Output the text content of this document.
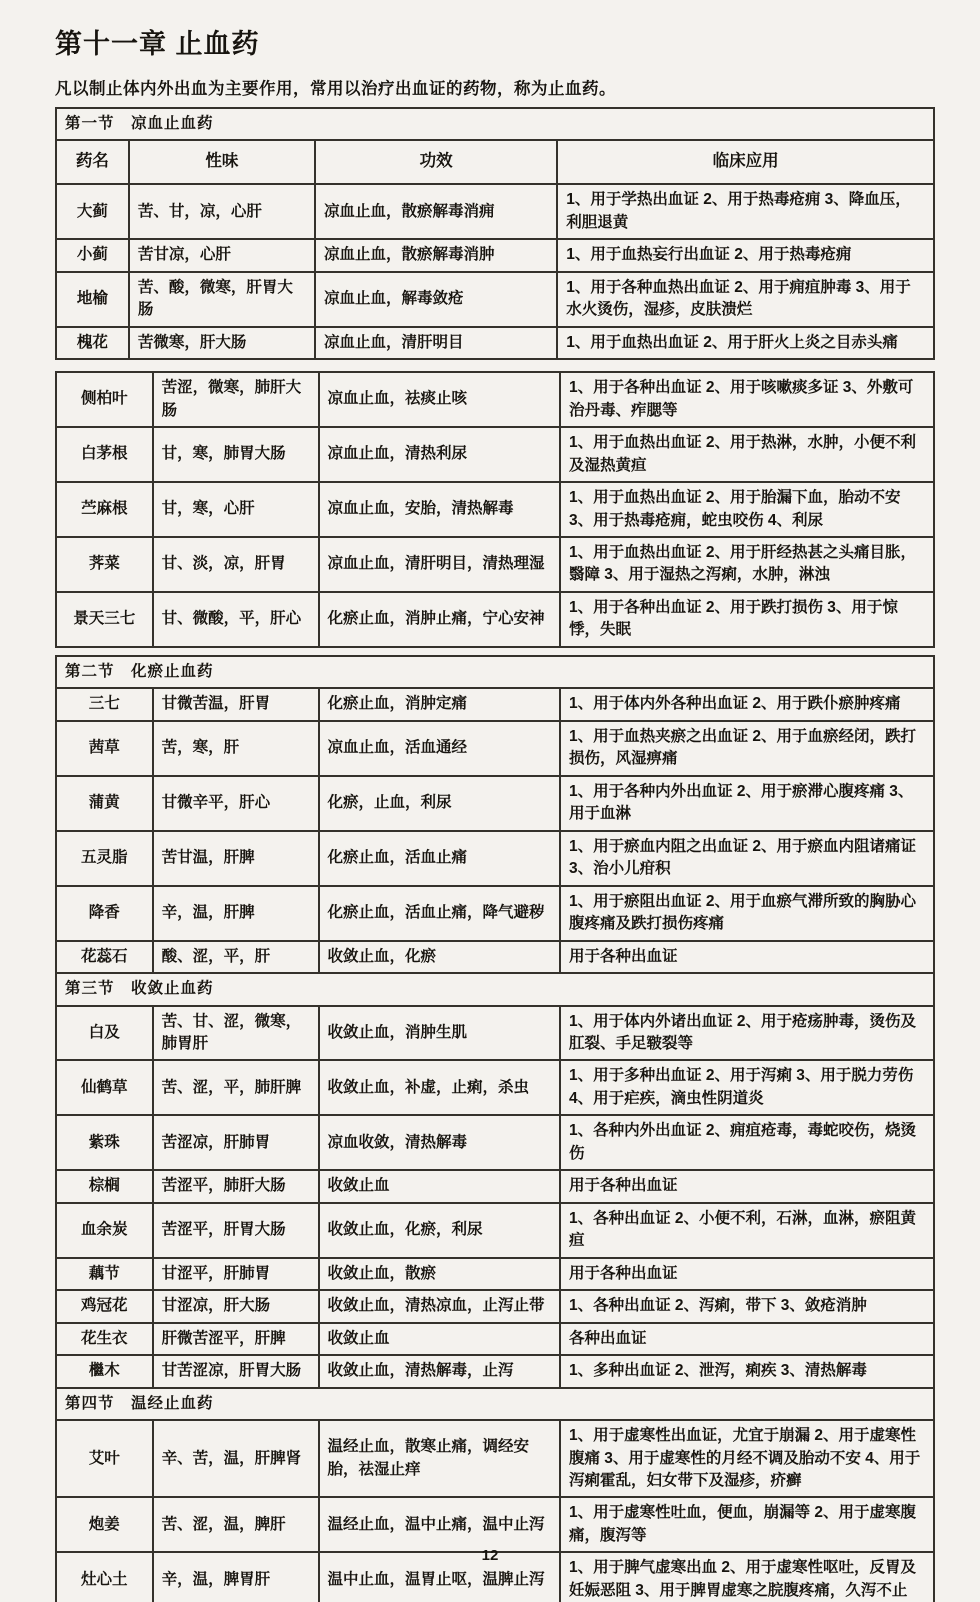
第十一章 止血药

凡以制止体内外出血为主要作用，常用以治疗出血证的药物，称为止血药。

第一节　凉血止血药			
药名	性味	功效	临床应用
大蓟	苦、甘，凉，心肝	凉血止血，散瘀解毒消痈	1、用于学热出血证 2、用于热毒疮痈 3、降血压，利胆退黄
小蓟	苦甘凉，心肝	凉血止血，散瘀解毒消肿	1、用于血热妄行出血证 2、用于热毒疮痈
地榆	苦、酸，微寒，肝胃大肠	凉血止血，解毒敛疮	1、用于各种血热出血证 2、用于痈疽肿毒 3、用于水火烫伤，湿疹，皮肤溃烂
槐花	苦微寒，肝大肠	凉血止血，清肝明目	1、用于血热出血证 2、用于肝火上炎之目赤头痛
侧柏叶	苦涩，微寒，肺肝大肠	凉血止血，祛痰止咳	1、用于各种出血证 2、用于咳嗽痰多证 3、外敷可治丹毒、痄腮等
白茅根	甘，寒，肺胃大肠	凉血止血，清热利尿	1、用于血热出血证 2、用于热淋，水肿，小便不利及湿热黄疸
苎麻根	甘，寒，心肝	凉血止血，安胎，清热解毒	1、用于血热出血证 2、用于胎漏下血，胎动不安 3、用于热毒疮痈，蛇虫咬伤 4、利尿
荠菜	甘、淡，凉，肝胃	凉血止血，清肝明目，清热理湿	1、用于血热出血证 2、用于肝经热甚之头痛目胀，翳障 3、用于湿热之泻痢，水肿，淋浊
景天三七	甘、微酸，平，肝心	化瘀止血，消肿止痛，宁心安神	1、用于各种出血证 2、用于跌打损伤 3、用于惊悸，失眠
第二节　化瘀止血药			
三七	甘微苦温，肝胃	化瘀止血，消肿定痛	1、用于体内外各种出血证 2、用于跌仆瘀肿疼痛
茜草	苦，寒，肝	凉血止血，活血通经	1、用于血热夹瘀之出血证 2、用于血瘀经闭，跌打损伤，风湿痹痛
蒲黄	甘微辛平，肝心	化瘀，止血，利尿	1、用于各种内外出血证 2、用于瘀滞心腹疼痛 3、用于血淋
五灵脂	苦甘温，肝脾	化瘀止血，活血止痛	1、用于瘀血内阻之出血证 2、用于瘀血内阻诸痛证 3、治小儿疳积
降香	辛，温，肝脾	化瘀止血，活血止痛，降气避秽	1、用于瘀阻出血证 2、用于血瘀气滞所致的胸胁心腹疼痛及跌打损伤疼痛
花蕊石	酸、涩，平，肝	收敛止血，化瘀	用于各种出血证
第三节　收敛止血药			
白及	苦、甘、涩，微寒，肺胃肝	收敛止血，消肿生肌	1、用于体内外诸出血证 2、用于疮疡肿毒，烫伤及肛裂、手足皲裂等
仙鹤草	苦、涩，平，肺肝脾	收敛止血，补虚，止痢，杀虫	1、用于多种出血证 2、用于泻痢 3、用于脱力劳伤 4、用于疟疾，滴虫性阴道炎
紫珠	苦涩凉，肝肺胃	凉血收敛，清热解毒	1、各种内外出血证 2、痈疽疮毒，毒蛇咬伤，烧烫伤
棕榈	苦涩平，肺肝大肠	收敛止血	用于各种出血证
血余炭	苦涩平，肝胃大肠	收敛止血，化瘀，利尿	1、各种出血证 2、小便不利，石淋，血淋，瘀阻黄疸
藕节	甘涩平，肝肺胃	收敛止血，散瘀	用于各种出血证
鸡冠花	甘涩凉，肝大肠	收敛止血，清热凉血，止泻止带	1、各种出血证 2、泻痢，带下 3、敛疮消肿
花生衣	肝微苦涩平，肝脾	收敛止血	各种出血证
檵木	甘苦涩凉，肝胃大肠	收敛止血，清热解毒，止泻	1、多种出血证 2、泄泻，痢疾 3、清热解毒
第四节　温经止血药			
艾叶	辛、苦，温，肝脾肾	温经止血，散寒止痛，调经安胎，祛湿止痒	1、用于虚寒性出血证，尤宜于崩漏 2、用于虚寒性腹痛 3、用于虚寒性的月经不调及胎动不安 4、用于泻痢霍乱，妇女带下及湿疹，疥癣
炮姜	苦、涩，温，脾肝	温经止血，温中止痛，温中止泻	1、用于虚寒性吐血，便血，崩漏等 2、用于虚寒腹痛，腹泻等
灶心土	辛，温，脾胃肝	温中止血，温胃止呕，温脾止泻	1、用于脾气虚寒出血 2、用于虚寒性呕吐，反胃及妊娠恶阻 3、用于脾胃虚寒之脘腹疼痛，久泻不止
12
